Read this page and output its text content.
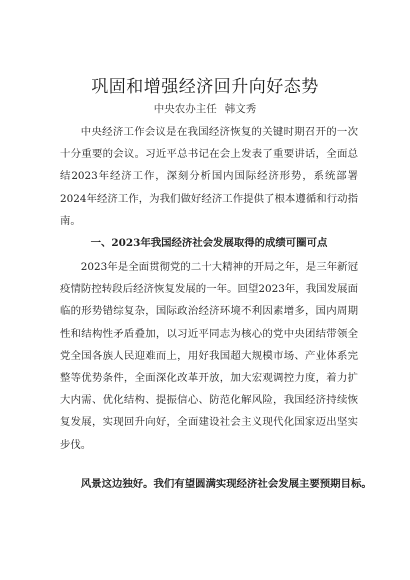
巩固和增强经济回升向好态势
中央农办主任 韩文秀

中央经济工作会议是在我国经济恢复的关键时期召开的一次十分重要的会议。习近平总书记在会上发表了重要讲话，全面总结2023年经济工作，深刻分析国内国际经济形势，系统部署2024年经济工作，为我们做好经济工作提供了根本遵循和行动指南。

一、2023年我国经济社会发展取得的成绩可圈可点

2023年是全面贯彻党的二十大精神的开局之年，是三年新冠疫情防控转段后经济恢复发展的一年。回望2023年，我国发展面临的形势错综复杂，国际政治经济环境不利因素增多，国内周期性和结构性矛盾叠加，以习近平同志为核心的党中央团结带领全党全国各族人民迎难而上，用好我国超大规模市场、产业体系完整等优势条件，全面深化改革开放，加大宏观调控力度，着力扩大内需、优化结构、提振信心、防范化解风险，我国经济持续恢复发展，实现回升向好，全面建设社会主义现代化国家迈出坚实步伐。

风景这边独好。我们有望圆满实现经济社会发展主要预期目标。
